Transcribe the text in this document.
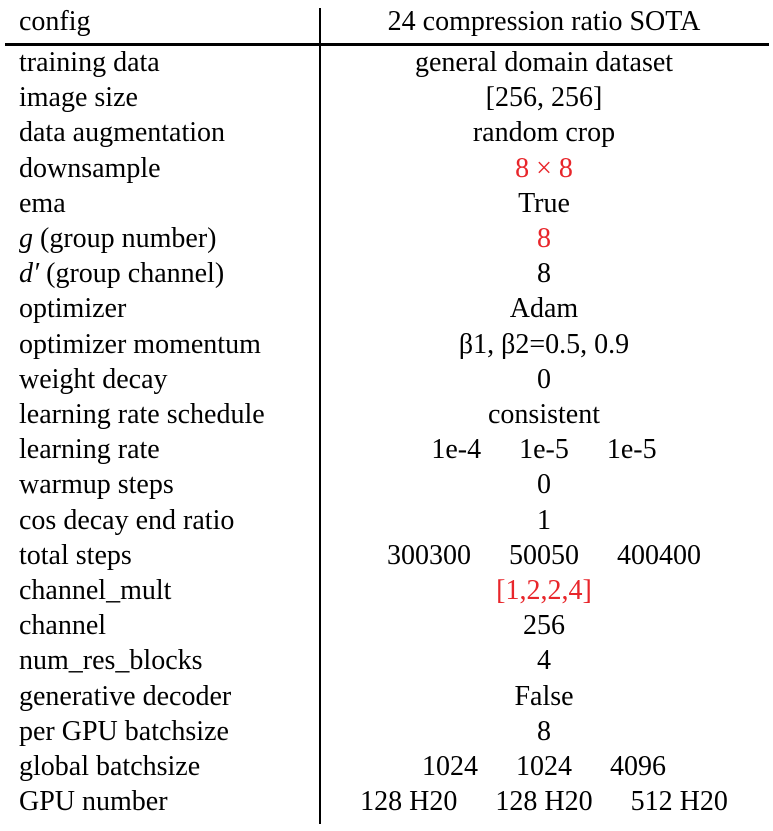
config	24 compression ratio SOTA
training data	general domain dataset
image size	[256, 256]
data augmentation	random crop
downsample	8 × 8
ema	True
g (group number)	8
d′ (group channel)	8
optimizer	Adam
optimizer momentum	β1, β2=0.5, 0.9
weight decay	0
learning rate schedule	consistent
learning rate	1e-4 1e-5 1e-5
warmup steps	0
cos decay end ratio	1
total steps	300300 50050 400400
channel_mult	[1,2,2,4]
channel	256
num_res_blocks	4
generative decoder	False
per GPU batchsize	8
global batchsize	1024 1024 4096
GPU number	128 H20 128 H20 512 H20
